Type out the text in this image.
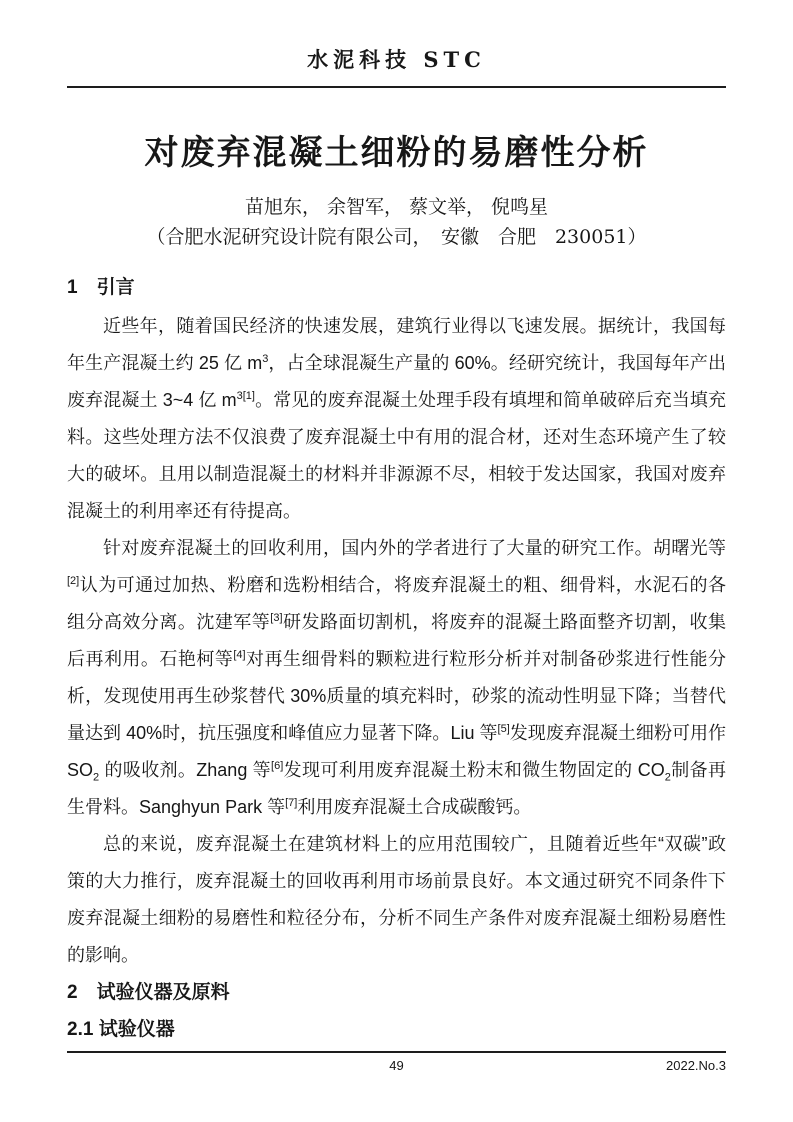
水泥科技 STC
对废弃混凝土细粉的易磨性分析
苗旭东， 余智军， 蔡文举， 倪鸣星
（合肥水泥研究设计院有限公司，　安徽　合肥　230051）
1　引言

近些年，随着国民经济的快速发展，建筑行业得以飞速发展。据统计，我国每年生产混凝土约 25 亿 $m^3$，占全球混凝生产量的 60%。经研究统计，我国每年产出废弃混凝土 3~4 亿 $m^{3[1]}$。常见的废弃混凝土处理手段有填埋和简单破碎后充当填充料。这些处理方法不仅浪费了废弃混凝土中有用的混合材，还对生态环境产生了较大的破坏。且用以制造混凝土的材料并非源源不尽，相较于发达国家，我国对废弃混凝土的利用率还有待提高。

针对废弃混凝土的回收利用，国内外的学者进行了大量的研究工作。胡曙光等[2]认为可通过加热、粉磨和选粉相结合，将废弃混凝土的粗、细骨料，水泥石的各组分高效分离。沈建军等[3]研发路面切割机，将废弃的混凝土路面整齐切割，收集后再利用。石艳柯等[4]对再生细骨料的颗粒进行粒形分析并对制备砂浆进行性能分析，发现使用再生砂浆替代 30%质量的填充料时，砂浆的流动性明显下降；当替代量达到 40%时，抗压强度和峰值应力显著下降。Liu 等[5]发现废弃混凝土细粉可用作 $SO_2$ 的吸收剂。Zhang 等[6]发现可利用废弃混凝土粉末和微生物固定的 $CO_2$制备再生骨料。Sanghyun Park 等[7]利用废弃混凝土合成碳酸钙。

总的来说，废弃混凝土在建筑材料上的应用范围较广，且随着近些年“双碳”政策的大力推行，废弃混凝土的回收再利用市场前景良好。本文通过研究不同条件下废弃混凝土细粉的易磨性和粒径分布，分析不同生产条件对废弃混凝土细粉易磨性的影响。

2　试验仪器及原料
2.1 试验仪器
49	2022.No.3
